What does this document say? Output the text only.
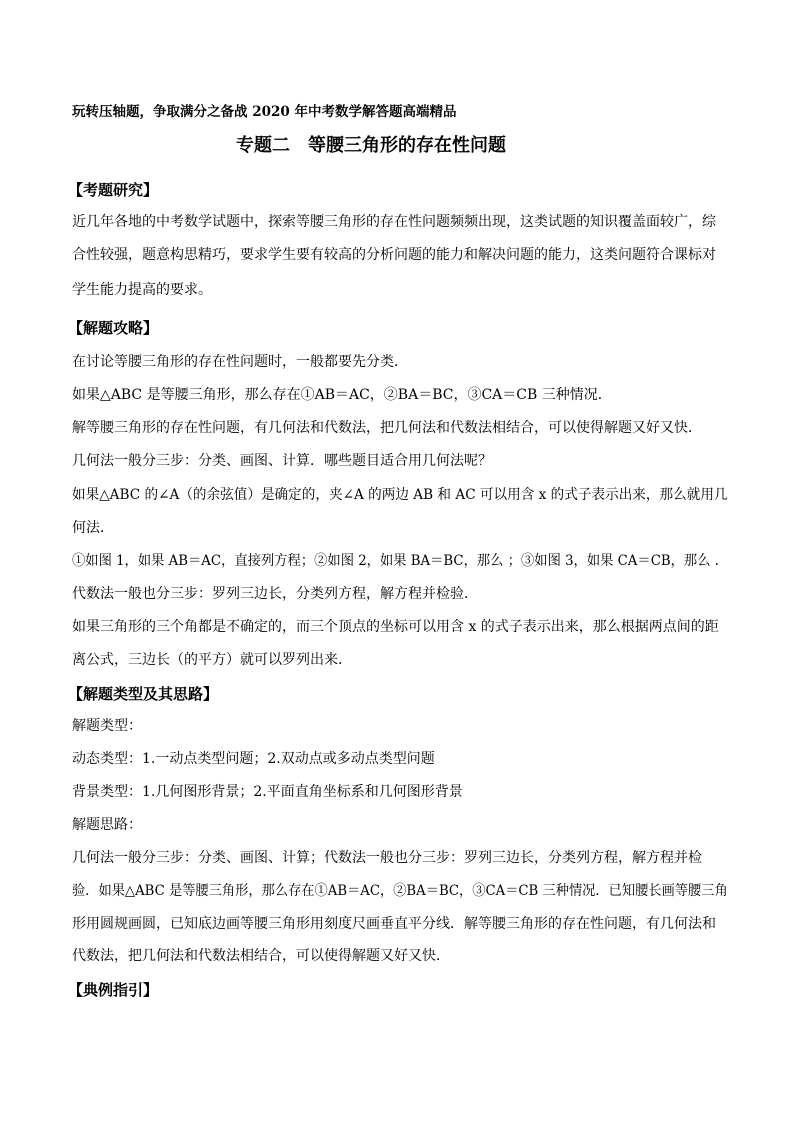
玩转压轴题，争取满分之备战 2020 年中考数学解答题高端精品
专题二　等腰三角形的存在性问题
【考题研究】
近几年各地的中考数学试题中，探索等腰三角形的存在性问题频频出现，这类试题的知识覆盖面较广，综
合性较强，题意构思精巧，要求学生要有较高的分析问题的能力和解决问题的能力，这类问题符合课标对
学生能力提高的要求。
【解题攻略】
在讨论等腰三角形的存在性问题时，一般都要先分类．
如果△ABC 是等腰三角形，那么存在①AB＝AC，②BA＝BC，③CA＝CB 三种情况．
解等腰三角形的存在性问题，有几何法和代数法，把几何法和代数法相结合，可以使得解题又好又快．
几何法一般分三步：分类、画图、计算．哪些题目适合用几何法呢？
如果△ABC 的∠A（的余弦值）是确定的，夹∠A 的两边 AB 和 AC 可以用含 x 的式子表示出来，那么就用几
何法．
①如图 1，如果 AB＝AC，直接列方程；②如图 2，如果 BA＝BC，那么 ；③如图 3，如果 CA＝CB，那么 ．
代数法一般也分三步：罗列三边长，分类列方程，解方程并检验．
如果三角形的三个角都是不确定的，而三个顶点的坐标可以用含 x 的式子表示出来，那么根据两点间的距
离公式，三边长（的平方）就可以罗列出来．
【解题类型及其思路】
解题类型：
动态类型：1.一动点类型问题；2.双动点或多动点类型问题
背景类型：1.几何图形背景；2.平面直角坐标系和几何图形背景
解题思路：
几何法一般分三步：分类、画图、计算；代数法一般也分三步：罗列三边长，分类列方程，解方程并检
验．如果△ABC 是等腰三角形，那么存在①AB＝AC，②BA＝BC，③CA＝CB 三种情况．已知腰长画等腰三角
形用圆规画圆，已知底边画等腰三角形用刻度尺画垂直平分线．解等腰三角形的存在性问题，有几何法和
代数法，把几何法和代数法相结合，可以使得解题又好又快．
【典例指引】
